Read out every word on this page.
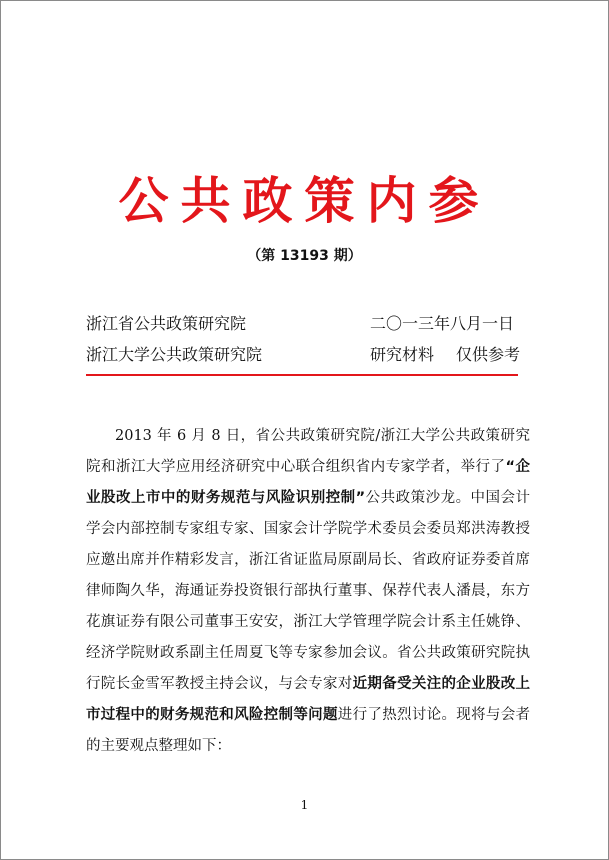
公共政策内参
（第 13193 期）
浙江省公共政策研究院	二〇一三年八月一日
浙江大学公共政策研究院	研究材料 仅供参考

2013 年 6 月 8 日，省公共政策研究院/浙江大学公共政策研究院和浙江大学应用经济研究中心联合组织省内专家学者，举行了“企业股改上市中的财务规范与风险识别控制”公共政策沙龙。中国会计学会内部控制专家组专家、国家会计学院学术委员会委员郑洪涛教授应邀出席并作精彩发言，浙江省证监局原副局长、省政府证券委首席律师陶久华，海通证券投资银行部执行董事、保荐代表人潘晨，东方花旗证券有限公司董事王安安，浙江大学管理学院会计系主任姚铮、经济学院财政系副主任周夏飞等专家参加会议。省公共政策研究院执行院长金雪军教授主持会议，与会专家对近期备受关注的企业股改上市过程中的财务规范和风险控制等问题进行了热烈讨论。现将与会者的主要观点整理如下：

1
